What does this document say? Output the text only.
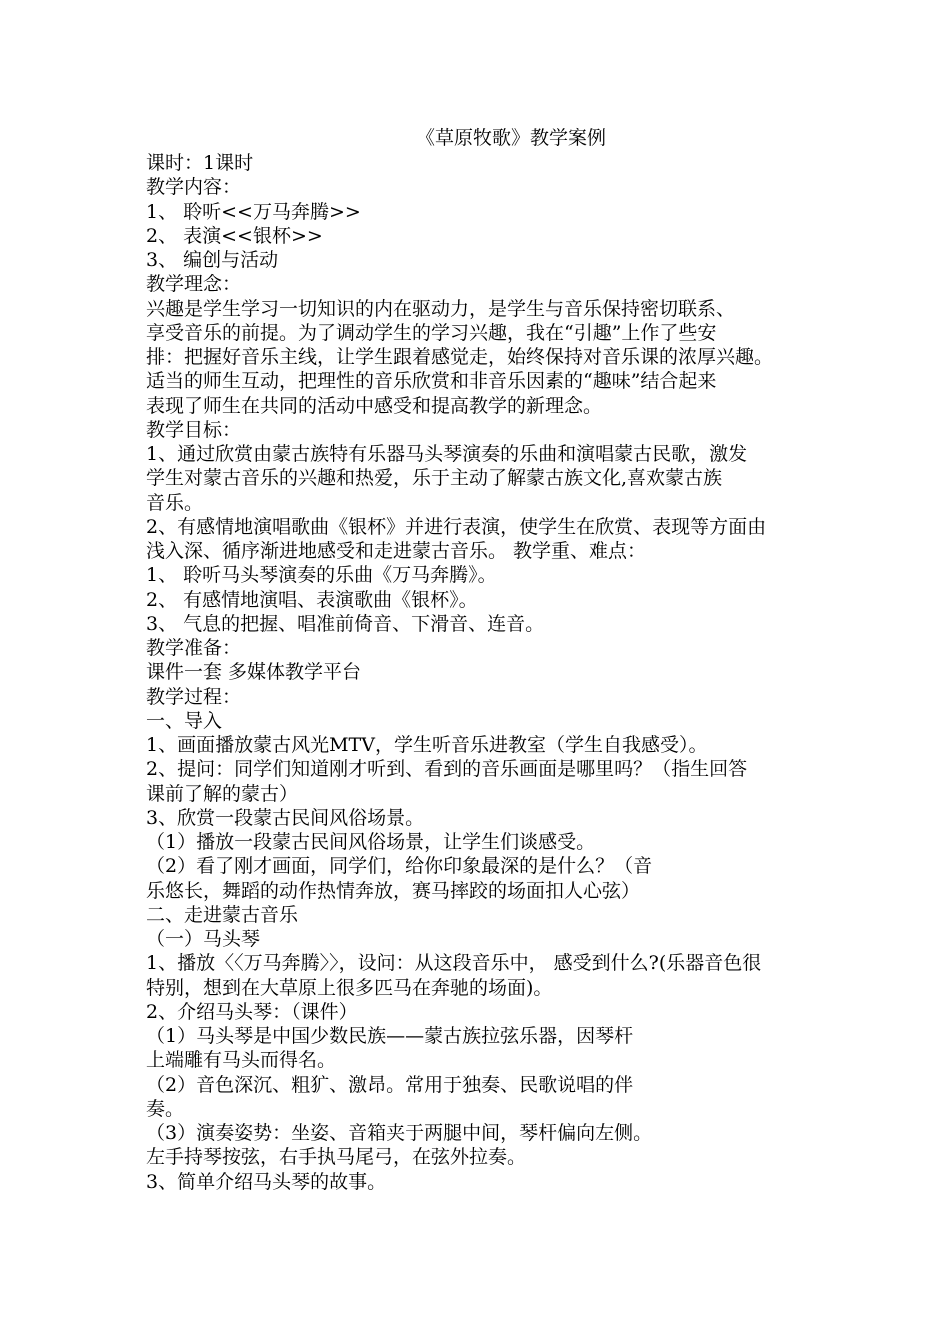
《草原牧歌》教学案例
课时：1课时
教学内容：
1、 聆听<<万马奔腾>>
2、 表演<<银杯>>
3、 编创与活动
教学理念：
兴趣是学生学习一切知识的内在驱动力，是学生与音乐保持密切联系、
享受音乐的前提。为了调动学生的学习兴趣，我在“引趣”上作了些安
排：把握好音乐主线，让学生跟着感觉走，始终保持对音乐课的浓厚兴趣。
适当的师生互动，把理性的音乐欣赏和非音乐因素的“趣味”结合起来
表现了师生在共同的活动中感受和提高教学的新理念。
教学目标：
1、通过欣赏由蒙古族特有乐器马头琴演奏的乐曲和演唱蒙古民歌，激发
学生对蒙古音乐的兴趣和热爱，乐于主动了解蒙古族文化,喜欢蒙古族
音乐。
2、有感情地演唱歌曲《银杯》并进行表演，使学生在欣赏、表现等方面由
浅入深、循序渐进地感受和走进蒙古音乐。 教学重、难点：
1、 聆听马头琴演奏的乐曲《万马奔腾》。
2、 有感情地演唱、表演歌曲《银杯》。
3、 气息的把握、唱准前倚音、下滑音、连音。
教学准备：
课件一套 多媒体教学平台
教学过程：
一、导入
1、画面播放蒙古风光MTV，学生听音乐进教室（学生自我感受）。
2、提问：同学们知道刚才听到、看到的音乐画面是哪里吗？（指生回答
课前了解的蒙古）
3、欣赏一段蒙古民间风俗场景。
（1）播放一段蒙古民间风俗场景，让学生们谈感受。
（2）看了刚才画面，同学们，给你印象最深的是什么？（音
乐悠长，舞蹈的动作热情奔放，赛马摔跤的场面扣人心弦）
二、走进蒙古音乐
（一）马头琴
1、播放〈〈万马奔腾〉〉，设问：从这段音乐中， 感受到什么?(乐器音色很
特别，想到在大草原上很多匹马在奔驰的场面)。
2、介绍马头琴：（课件）
（1）马头琴是中国少数民族——蒙古族拉弦乐器，因琴杆
上端雕有马头而得名。
（2）音色深沉、粗犷、激昂。常用于独奏、民歌说唱的伴
奏。
（3）演奏姿势：坐姿、音箱夹于两腿中间，琴杆偏向左侧。
左手持琴按弦，右手执马尾弓，在弦外拉奏。
3、简单介绍马头琴的故事。
